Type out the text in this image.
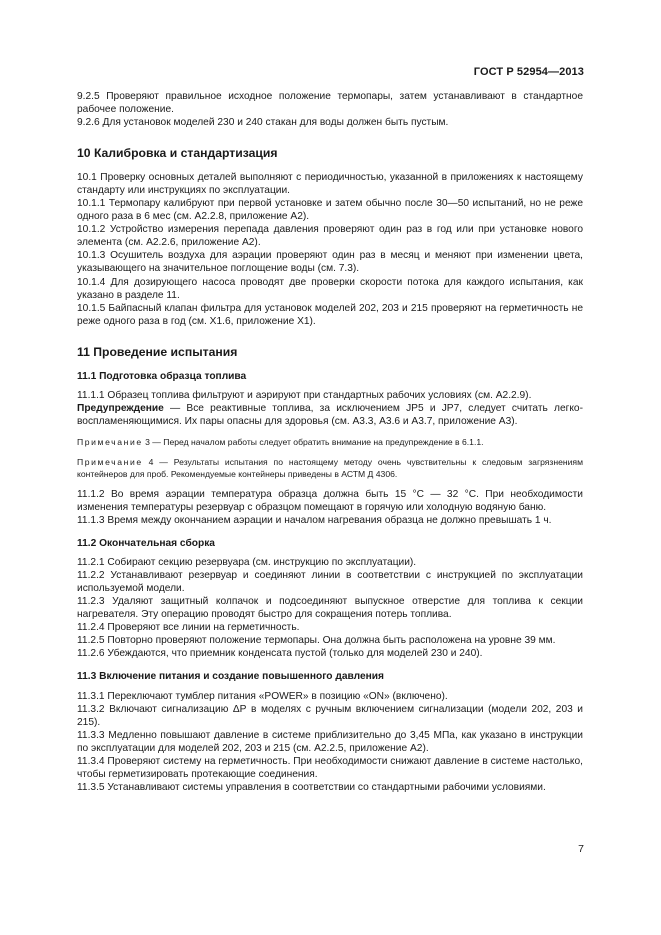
ГОСТ Р 52954—2013

9.2.5 Проверяют правильное исходное положение термопары, затем устанавливают в стандартное рабочее положение.

9.2.6 Для установок моделей 230 и 240 стакан для воды должен быть пустым.

10 Калибровка и стандартизация

10.1 Проверку основных деталей выполняют с периодичностью, указанной в приложениях к настоящему стандарту или инструкциях по эксплуатации.

10.1.1 Термопару калибруют при первой установке и затем обычно после 30—50 испытаний, но не реже одного раза в 6 мес (см. А2.2.8, приложение А2).

10.1.2 Устройство измерения перепада давления проверяют один раз в год или при установке нового элемента (см. А2.2.6, приложение А2).

10.1.3 Осушитель воздуха для аэрации проверяют один раз в месяц и меняют при изменении цвета, указывающего на значительное поглощение воды (см. 7.3).

10.1.4 Для дозирующего насоса проводят две проверки скорости потока для каждого испытания, как указано в разделе 11.

10.1.5 Байпасный клапан фильтра для установок моделей 202, 203 и 215 проверяют на герметичность не реже одного раза в год (см. X1.6, приложение X1).

11 Проведение испытания

11.1 Подготовка образца топлива

11.1.1 Образец топлива фильтруют и аэрируют при стандартных рабочих условиях (см. А2.2.9).

Предупреждение — Все реактивные топлива, за исключением JP5 и JP7, следует считать легковоспламеняющимися. Их пары опасны для здоровья (см. А3.3, А3.6 и А3.7, приложение А3).

Примечание 3 — Перед началом работы следует обратить внимание на предупреждение в 6.1.1.

Примечание 4 — Результаты испытания по настоящему методу очень чувствительны к следовым загрязнениям контейнеров для проб. Рекомендуемые контейнеры приведены в АСТМ Д 4306.

11.1.2 Во время аэрации температура образца должна быть 15 °С — 32 °С. При необходимости изменения температуры резервуар с образцом помещают в горячую или холодную водяную баню.

11.1.3 Время между окончанием аэрации и началом нагревания образца не должно превышать 1 ч.

11.2 Окончательная сборка

11.2.1 Собирают секцию резервуара (см. инструкцию по эксплуатации).

11.2.2 Устанавливают резервуар и соединяют линии в соответствии с инструкцией по эксплуатации используемой модели.

11.2.3 Удаляют защитный колпачок и подсоединяют выпускное отверстие для топлива к секции нагревателя. Эту операцию проводят быстро для сокращения потерь топлива.

11.2.4 Проверяют все линии на герметичность.

11.2.5 Повторно проверяют положение термопары. Она должна быть расположена на уровне 39 мм.

11.2.6 Убеждаются, что приемник конденсата пустой (только для моделей 230 и 240).

11.3 Включение питания и создание повышенного давления

11.3.1 Переключают тумблер питания «POWER» в позицию «ON» (включено).

11.3.2 Включают сигнализацию ΔР в моделях с ручным включением сигнализации (модели 202, 203 и 215).

11.3.3 Медленно повышают давление в системе приблизительно до 3,45 МПа, как указано в инструкции по эксплуатации для моделей 202, 203 и 215 (см. А2.2.5, приложение А2).

11.3.4 Проверяют систему на герметичность. При необходимости снижают давление в системе настолько, чтобы герметизировать протекающие соединения.

11.3.5 Устанавливают системы управления в соответствии со стандартными рабочими условиями.

7
